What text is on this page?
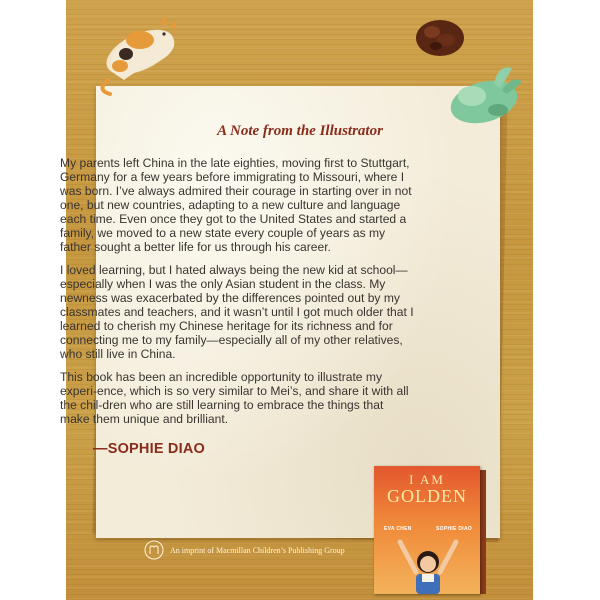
I AM
GOLDEN
EVA CHEN	SOPHIE DIAO
An imprint of Macmillan Children’s Publishing Group
A Note from the Illustrator

My parents left China in the late eighties, moving first to Stuttgart, Germany for a few years before immigrating to Missouri, where I was born. I’ve always admired their courage in starting over in not one, but new countries, adapting to a new culture and language each time. Even once they got to the United States and started a family, we moved to a new state every couple of years as my father sought a better life for us through his career.

I loved learning, but I hated always being the new kid at school—especially when I was the only Asian student in the class. My newness was exacerbated by the differences pointed out by my classmates and teachers, and it wasn’t until I got much older that I learned to cherish my Chinese heritage for its richness and for connecting me to my family—especially all of my other relatives, who still live in China.

This book has been an incredible opportunity to illustrate my experi-ence, which is so very similar to Mei’s, and share it with all the chil-dren who are still learning to embrace the things that make them unique and brilliant.

—SOPHIE DIAO
